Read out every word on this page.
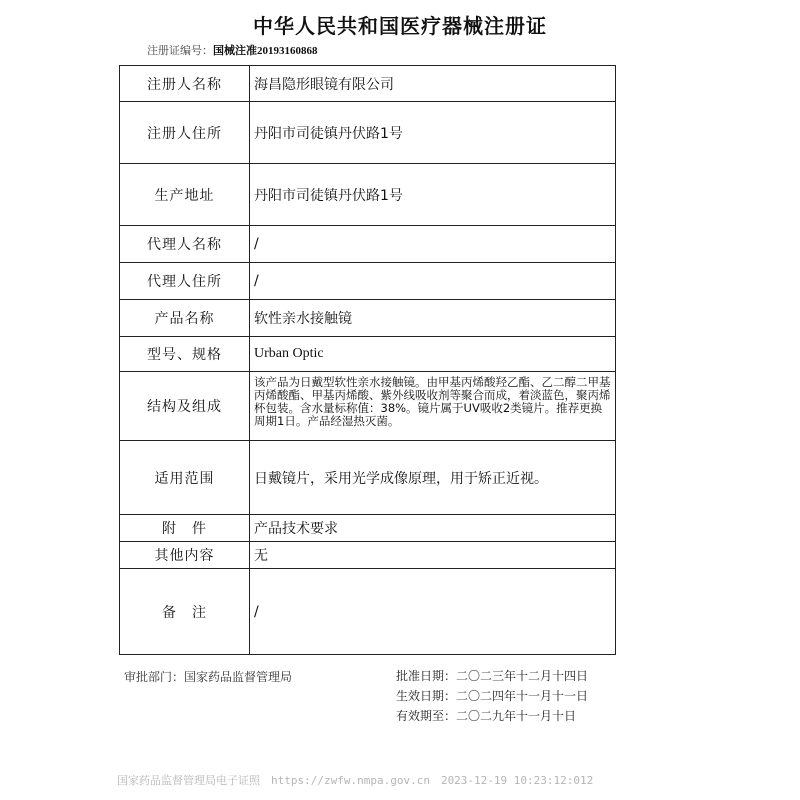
中华人民共和国医疗器械注册证
注册证编号：国械注准20193160868
注册人名称	海昌隐形眼镜有限公司
注册人住所	丹阳市司徒镇丹伏路1号
生产地址	丹阳市司徒镇丹伏路1号
代理人名称	/
代理人住所	/
产品名称	软性亲水接触镜
型号、规格	Urban Optic
结构及组成	该产品为日戴型软性亲水接触镜。由甲基丙烯酸羟乙酯、乙二醇二甲基丙烯酸酯、甲基丙烯酸、紫外线吸收剂等聚合而成，着淡蓝色，聚丙烯杯包装。含水量标称值：38%。镜片属于UV吸收2类镜片。推荐更换周期1日。产品经湿热灭菌。
适用范围	日戴镜片，采用光学成像原理，用于矫正近视。
附　件	产品技术要求
其他内容	无
备　注	/
审批部门：国家药品监督管理局	批准日期：二〇二三年十二月十四日
生效日期：二〇二四年十一月十一日
有效期至：二〇二九年十一月十日
国家药品监督管理局电子证照　https://zwfw.nmpa.gov.cn　2023-12-19 10:23:12:012
